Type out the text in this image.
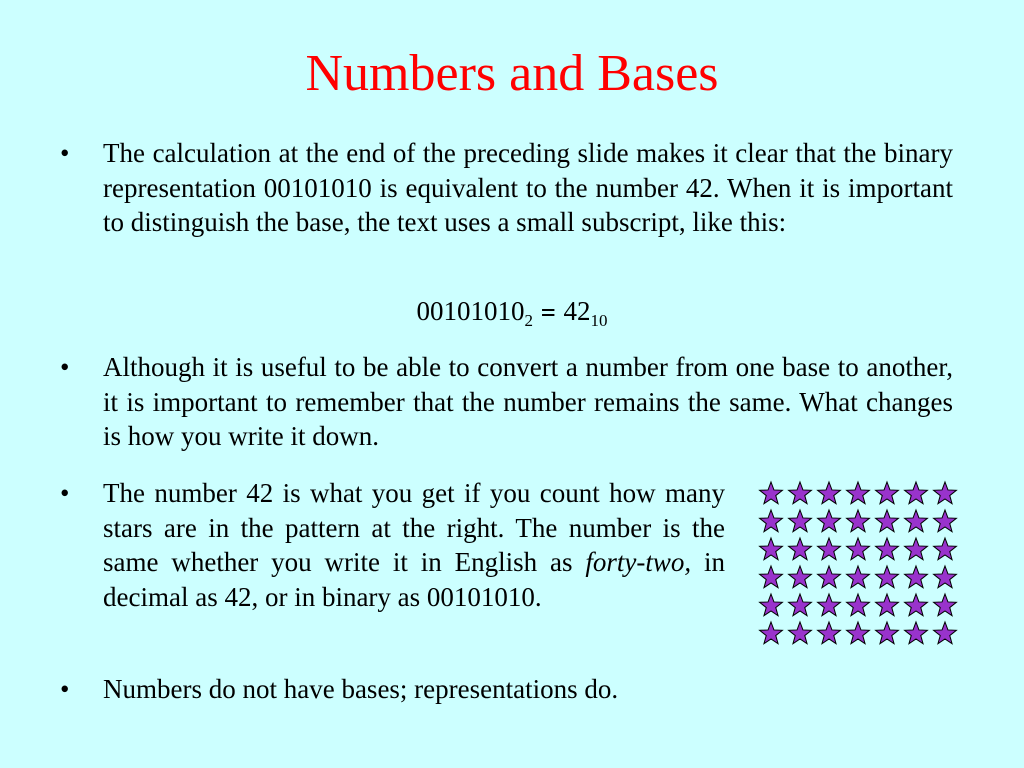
Numbers and Bases
•	The calculation at the end of the preceding slide makes it clear that the binary representation 00101010 is equivalent to the number 42. When it is important to distinguish the base, the text uses a small subscript, like this:
$00101010_2 = 42_{10}$
•	Although it is useful to be able to convert a number from one base to another, it is important to remember that the number remains the same. What changes is how you write it down.
•	The number 42 is what you get if you count how many stars are in the pattern at the right. The number is the same whether you write it in English as forty-two, in decimal as 42, or in binary as 00101010.
•	Numbers do not have bases; representations do.
